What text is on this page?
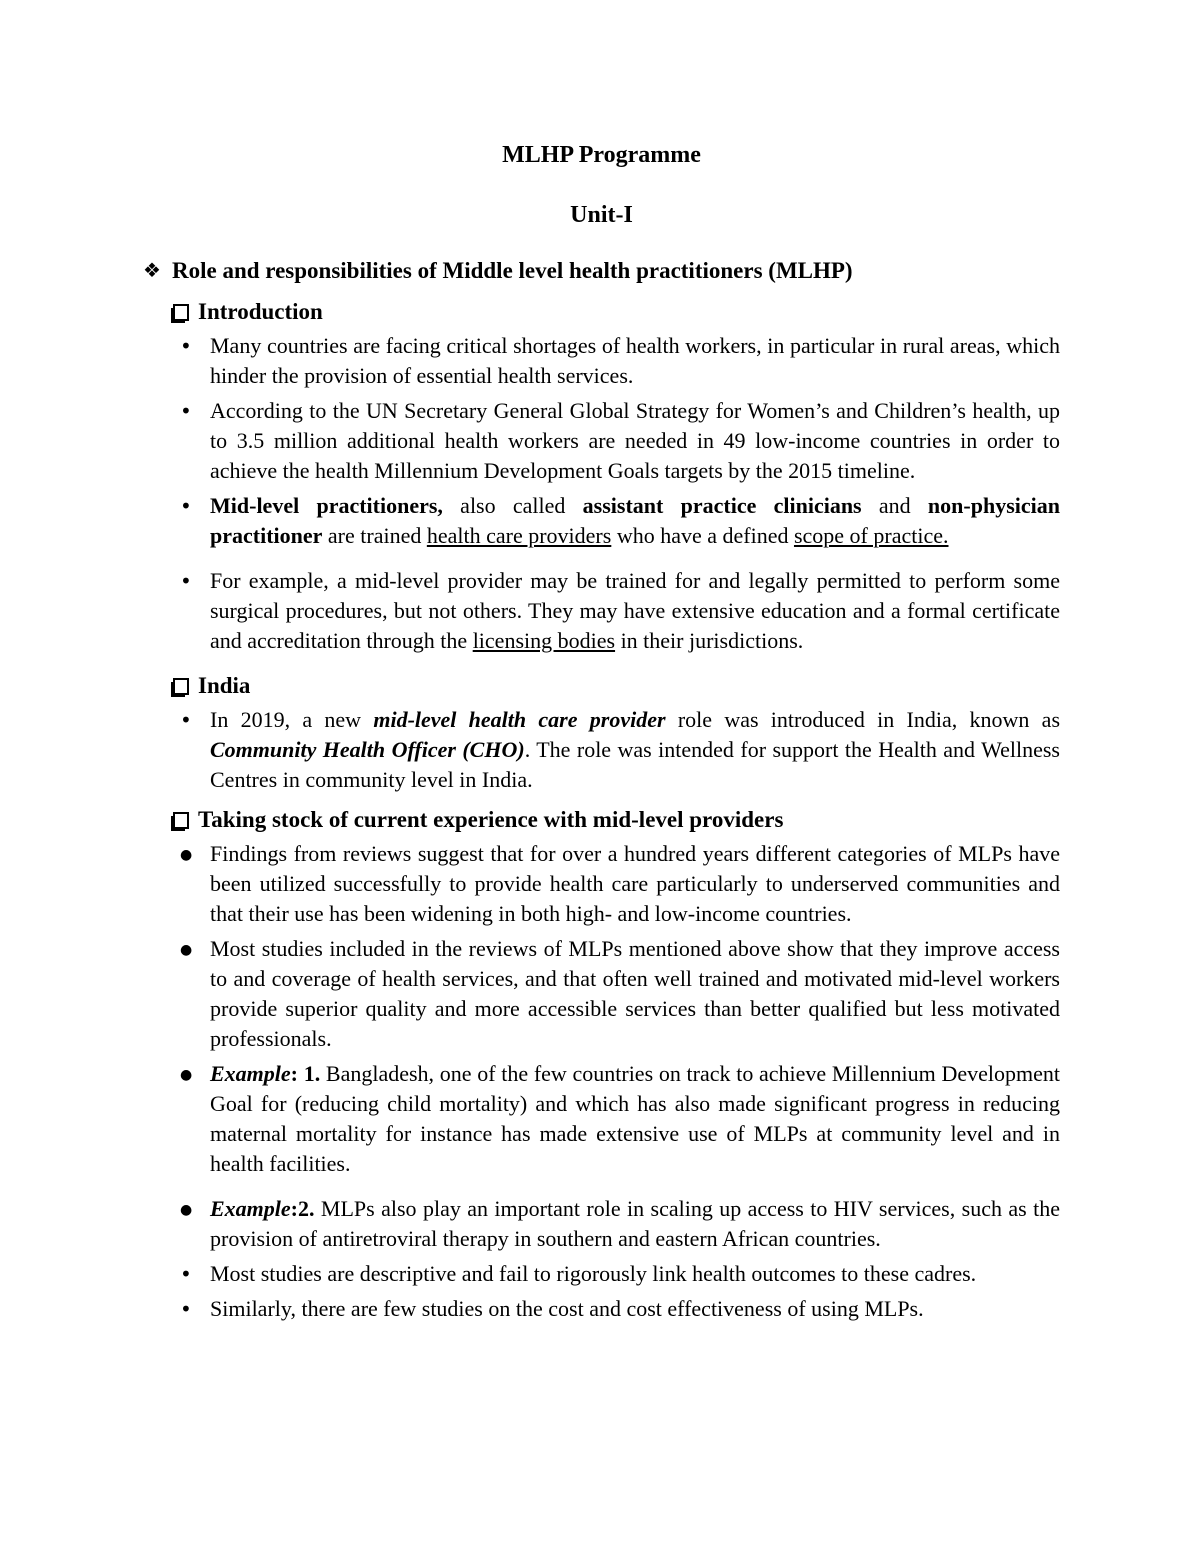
MLHP Programme
Unit-I
❖ Role and responsibilities of Middle level health practitioners (MLHP)
Introduction
• Many countries are facing critical shortages of health workers, in particular in rural areas, which hinder the provision of essential health services.
• According to the UN Secretary General Global Strategy for Women’s and Children’s health, up to 3.5 million additional health workers are needed in 49 low-income countries in order to achieve the health Millennium Development Goals targets by the 2015 timeline.
• Mid-level practitioners, also called assistant practice clinicians and non-physician practitioner are trained health care providers who have a defined scope of practice.
• For example, a mid-level provider may be trained for and legally permitted to perform some surgical procedures, but not others. They may have extensive education and a formal certificate and accreditation through the licensing bodies in their jurisdictions.
India
• In 2019, a new mid-level health care provider role was introduced in India, known as Community Health Officer (CHO). The role was intended for support the Health and Wellness Centres in community level in India.
Taking stock of current experience with mid-level providers
● Findings from reviews suggest that for over a hundred years different categories of MLPs have been utilized successfully to provide health care particularly to underserved communities and that their use has been widening in both high- and low-income countries.
● Most studies included in the reviews of MLPs mentioned above show that they improve access to and coverage of health services, and that often well trained and motivated mid-level workers provide superior quality and more accessible services than better qualified but less motivated professionals.
● Example: 1. Bangladesh, one of the few countries on track to achieve Millennium Development Goal for (reducing child mortality) and which has also made significant progress in reducing maternal mortality for instance has made extensive use of MLPs at community level and in health facilities.
● Example:2. MLPs also play an important role in scaling up access to HIV services, such as the provision of antiretroviral therapy in southern and eastern African countries.
• Most studies are descriptive and fail to rigorously link health outcomes to these cadres.
• Similarly, there are few studies on the cost and cost effectiveness of using MLPs.
